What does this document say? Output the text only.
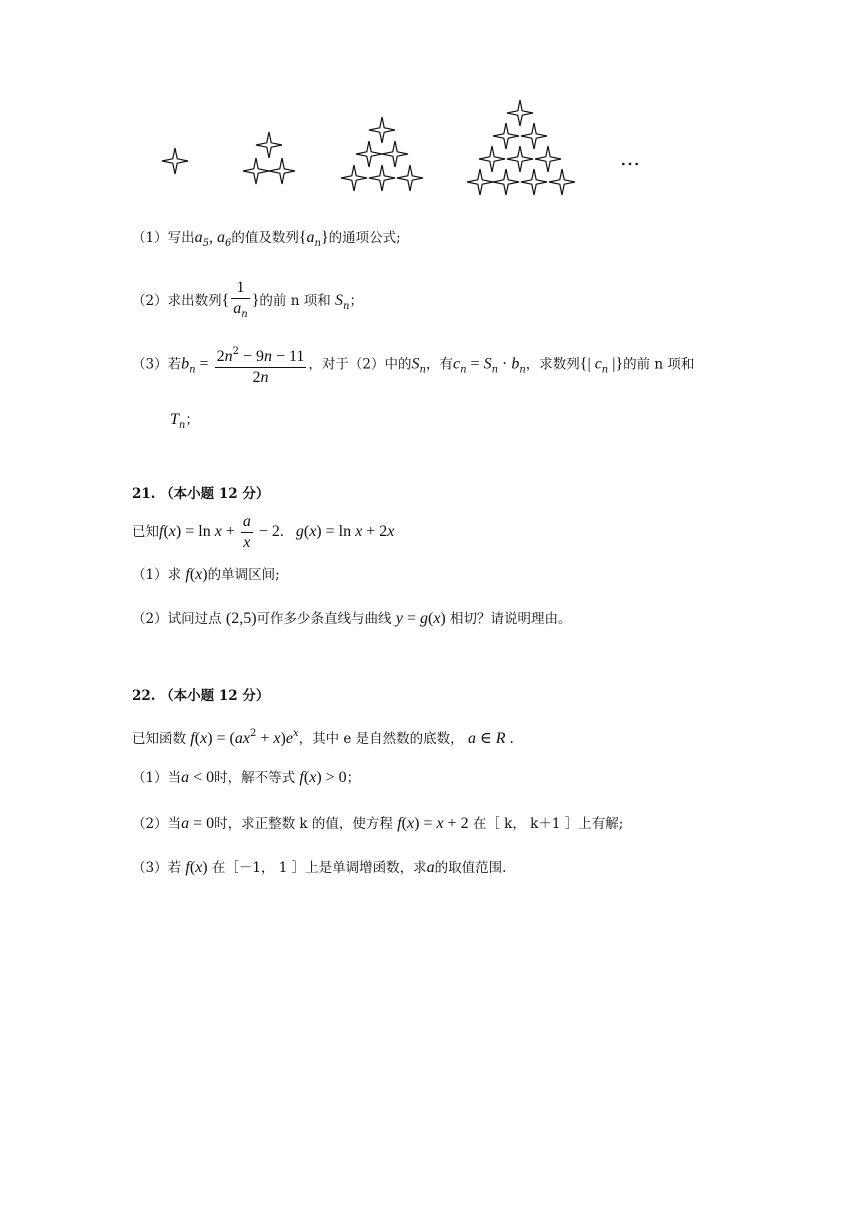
…
（1）写出$a_5$, $a_6$的值及数列$\{a_n\}$的通项公式;
（2）求出数列{ $\frac{1}{a_n}$ }的前 n 项和 $S_n$；
（3）若$b_n = \frac{2n^2 - 9n - 11}{2n}$ ，对于（2）中的$S_n$，有$c_n = S_n \cdot b_n$，求数列{| $c_n$ |}的前 n 项和
$T_n$；
21. （本小题 12 分）
已知$f(x) = \ln x + \frac{a}{x} - 2$.   g(x) = ln x + 2x
（1）求 f(x)的单调区间;
（2）试问过点 (2,5)可作多少条直线与曲线 y = g(x) 相切？请说明理由。
22. （本小题 12 分）
已知函数 $f(x) = (ax^2 + x)e^x$，其中 e 是自然数的底数， a ∈ R .
（1）当a < 0时，解不等式 f(x) > 0；
（2）当a = 0时，求正整数 k 的值，使方程 f(x) = x + 2 在［ k， k＋1 ］上有解;
（3）若 f(x) 在［－1， 1 ］上是单调增函数，求a的取值范围.
